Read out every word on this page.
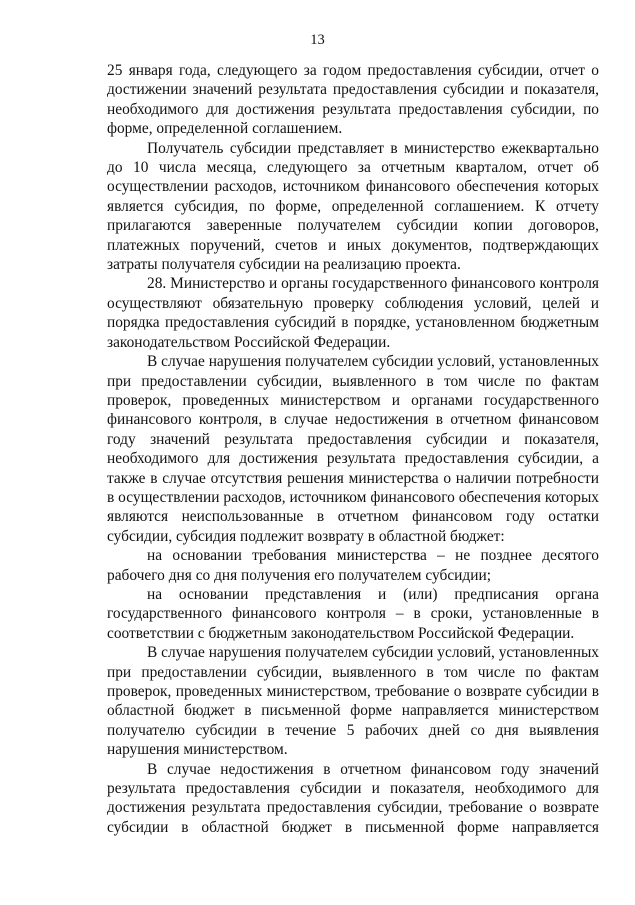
13

25 января года, следующего за годом предоставления субсидии, отчет о достижении значений результата предоставления субсидии и показателя, необходимого для достижения результата предоставления субсидии, по форме, определенной соглашением.

Получатель субсидии представляет в министерство ежеквартально до 10 числа месяца, следующего за отчетным кварталом, отчет об осуществлении расходов, источником финансового обеспечения которых является субсидия, по форме, определенной соглашением. К отчету прилагаются заверенные получателем субсидии копии договоров, платежных поручений, счетов и иных документов, подтверждающих затраты получателя субсидии на реализацию проекта.

28. Министерство и органы государственного финансового контроля осуществляют обязательную проверку соблюдения условий, целей и порядка предоставления субсидий в порядке, установленном бюджетным законодательством Российской Федерации.

В случае нарушения получателем субсидии условий, установленных при предоставлении субсидии, выявленного в том числе по фактам проверок, проведенных министерством и органами государственного финансового контроля, в случае недостижения в отчетном финансовом году значений результата предоставления субсидии и показателя, необходимого для достижения результата предоставления субсидии, а также в случае отсутствия решения министерства о наличии потребности в осуществлении расходов, источником финансового обеспечения которых являются неиспользованные в отчетном финансовом году остатки субсидии, субсидия подлежит возврату в областной бюджет:

на основании требования министерства – не позднее десятого рабочего дня со дня получения его получателем субсидии;

на основании представления и (или) предписания органа государственного финансового контроля – в сроки, установленные в соответствии с бюджетным законодательством Российской Федерации.

В случае нарушения получателем субсидии условий, установленных при предоставлении субсидии, выявленного в том числе по фактам проверок, проведенных министерством, требование о возврате субсидии в областной бюджет в письменной форме направляется министерством получателю субсидии в течение 5 рабочих дней со дня выявления нарушения министерством.

В случае недостижения в отчетном финансовом году значений результата предоставления субсидии и показателя, необходимого для достижения результата предоставления субсидии, требование о возврате субсидии в областной бюджет в письменной форме направляется
